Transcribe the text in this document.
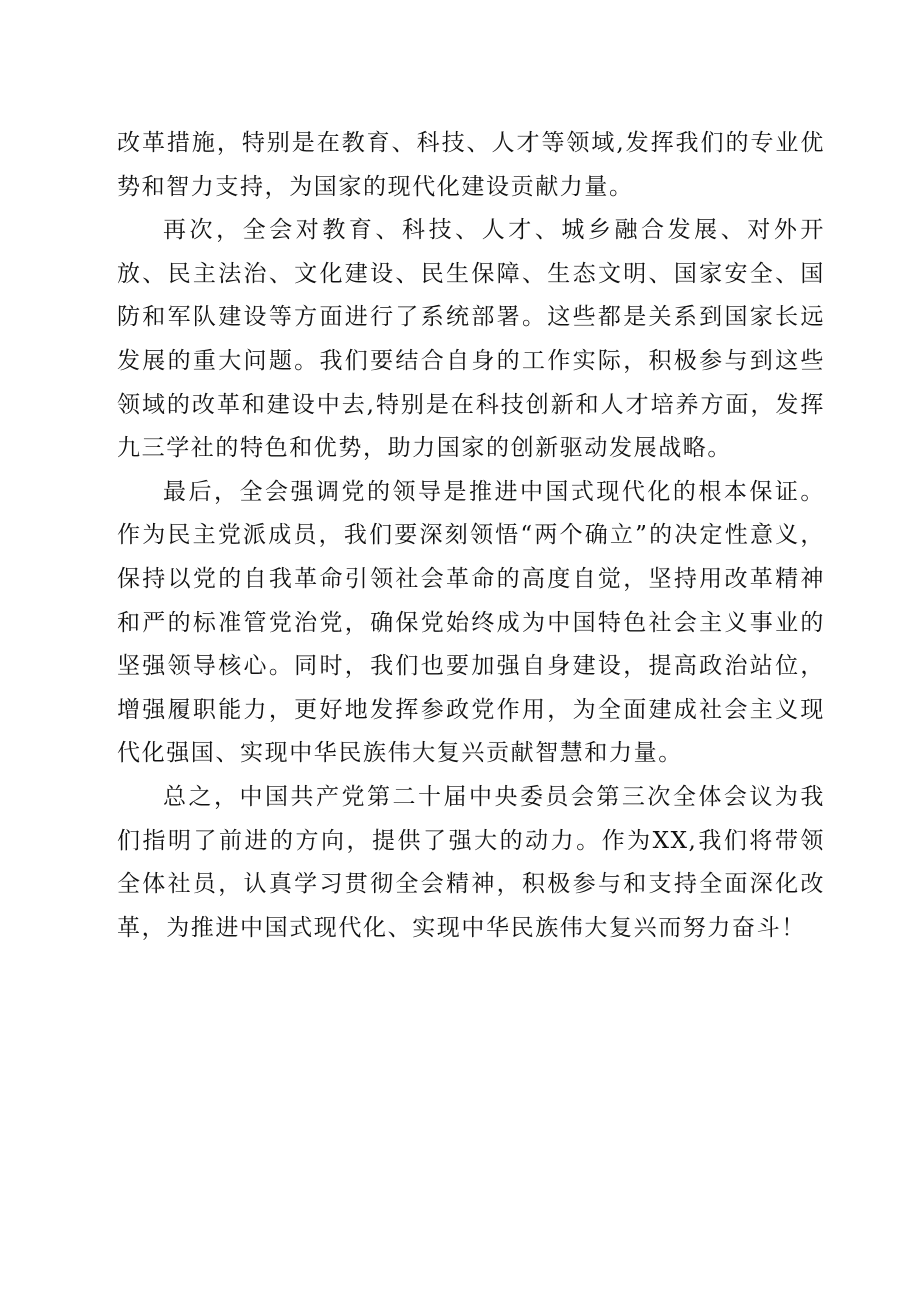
改革措施，特别是在教育、科技、人才等领域,发挥我们的专业优势和智力支持，为国家的现代化建设贡献力量。

再次，全会对教育、科技、人才、城乡融合发展、对外开放、民主法治、文化建设、民生保障、生态文明、国家安全、国防和军队建设等方面进行了系统部署。这些都是关系到国家长远发展的重大问题。我们要结合自身的工作实际，积极参与到这些领域的改革和建设中去,特别是在科技创新和人才培养方面，发挥九三学社的特色和优势，助力国家的创新驱动发展战略。

最后，全会强调党的领导是推进中国式现代化的根本保证。作为民主党派成员，我们要深刻领悟“两个确立”的决定性意义，保持以党的自我革命引领社会革命的高度自觉，坚持用改革精神和严的标准管党治党，确保党始终成为中国特色社会主义事业的坚强领导核心。同时，我们也要加强自身建设，提高政治站位，增强履职能力，更好地发挥参政党作用，为全面建成社会主义现代化强国、实现中华民族伟大复兴贡献智慧和力量。

总之，中国共产党第二十届中央委员会第三次全体会议为我们指明了前进的方向，提供了强大的动力。作为XX,我们将带领全体社员，认真学习贯彻全会精神，积极参与和支持全面深化改革，为推进中国式现代化、实现中华民族伟大复兴而努力奋斗！
